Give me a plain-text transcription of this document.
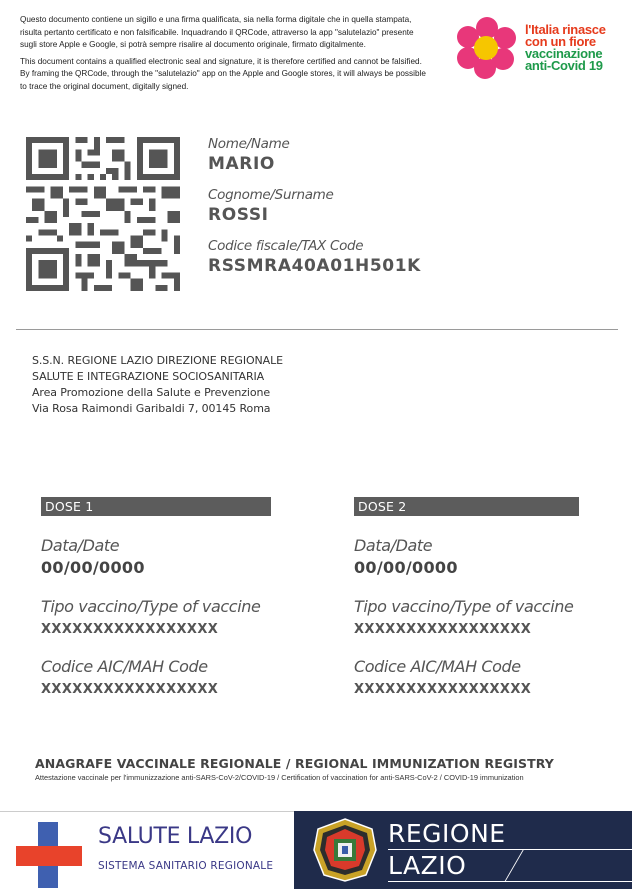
Questo documento contiene un sigillo e una firma qualificata, sia nella forma digitale che in quella stampata, risulta pertanto certificato e non falsificabile. Inquadrando il QRCode, attraverso la app "salutelazio" presente sugli store Apple e Google, si potrà sempre risalire al documento originale, firmato digitalmente.

This document contains a qualified electronic seal and signature, it is therefore certified and cannot be falsified. By framing the QRCode, through the "salutelazio" app on the Apple and Google stores, it will always be possible to trace the original document, digitally signed.

l'Italia rinasce
con un fiore
vaccinazione
anti-Covid 19
Nome/Name
MARIO
Cognome/Surname
ROSSI
Codice fiscale/TAX Code
RSSMRA40A01H501K
S.S.N. REGIONE LAZIO DIREZIONE REGIONALE
SALUTE E INTEGRAZIONE SOCIOSANITARIA
Area Promozione della Salute e Prevenzione
Via Rosa Raimondi Garibaldi 7, 00145 Roma
DOSE 1
Data/Date
00/00/0000
Tipo vaccino/Type of vaccine
XXXXXXXXXXXXXXXXX
Codice AIC/MAH Code
XXXXXXXXXXXXXXXXX
DOSE 2
Data/Date
00/00/0000
Tipo vaccino/Type of vaccine
XXXXXXXXXXXXXXXXX
Codice AIC/MAH Code
XXXXXXXXXXXXXXXXX
ANAGRAFE VACCINALE REGIONALE / REGIONAL IMMUNIZATION REGISTRY
Attestazione vaccinale per l'immunizzazione anti-SARS-CoV-2/COVID-19 / Certification of vaccination for anti-SARS-CoV-2 / COVID-19 immunization
SALUTE LAZIO
SISTEMA SANITARIO REGIONALE
REGIONE
LAZIO
